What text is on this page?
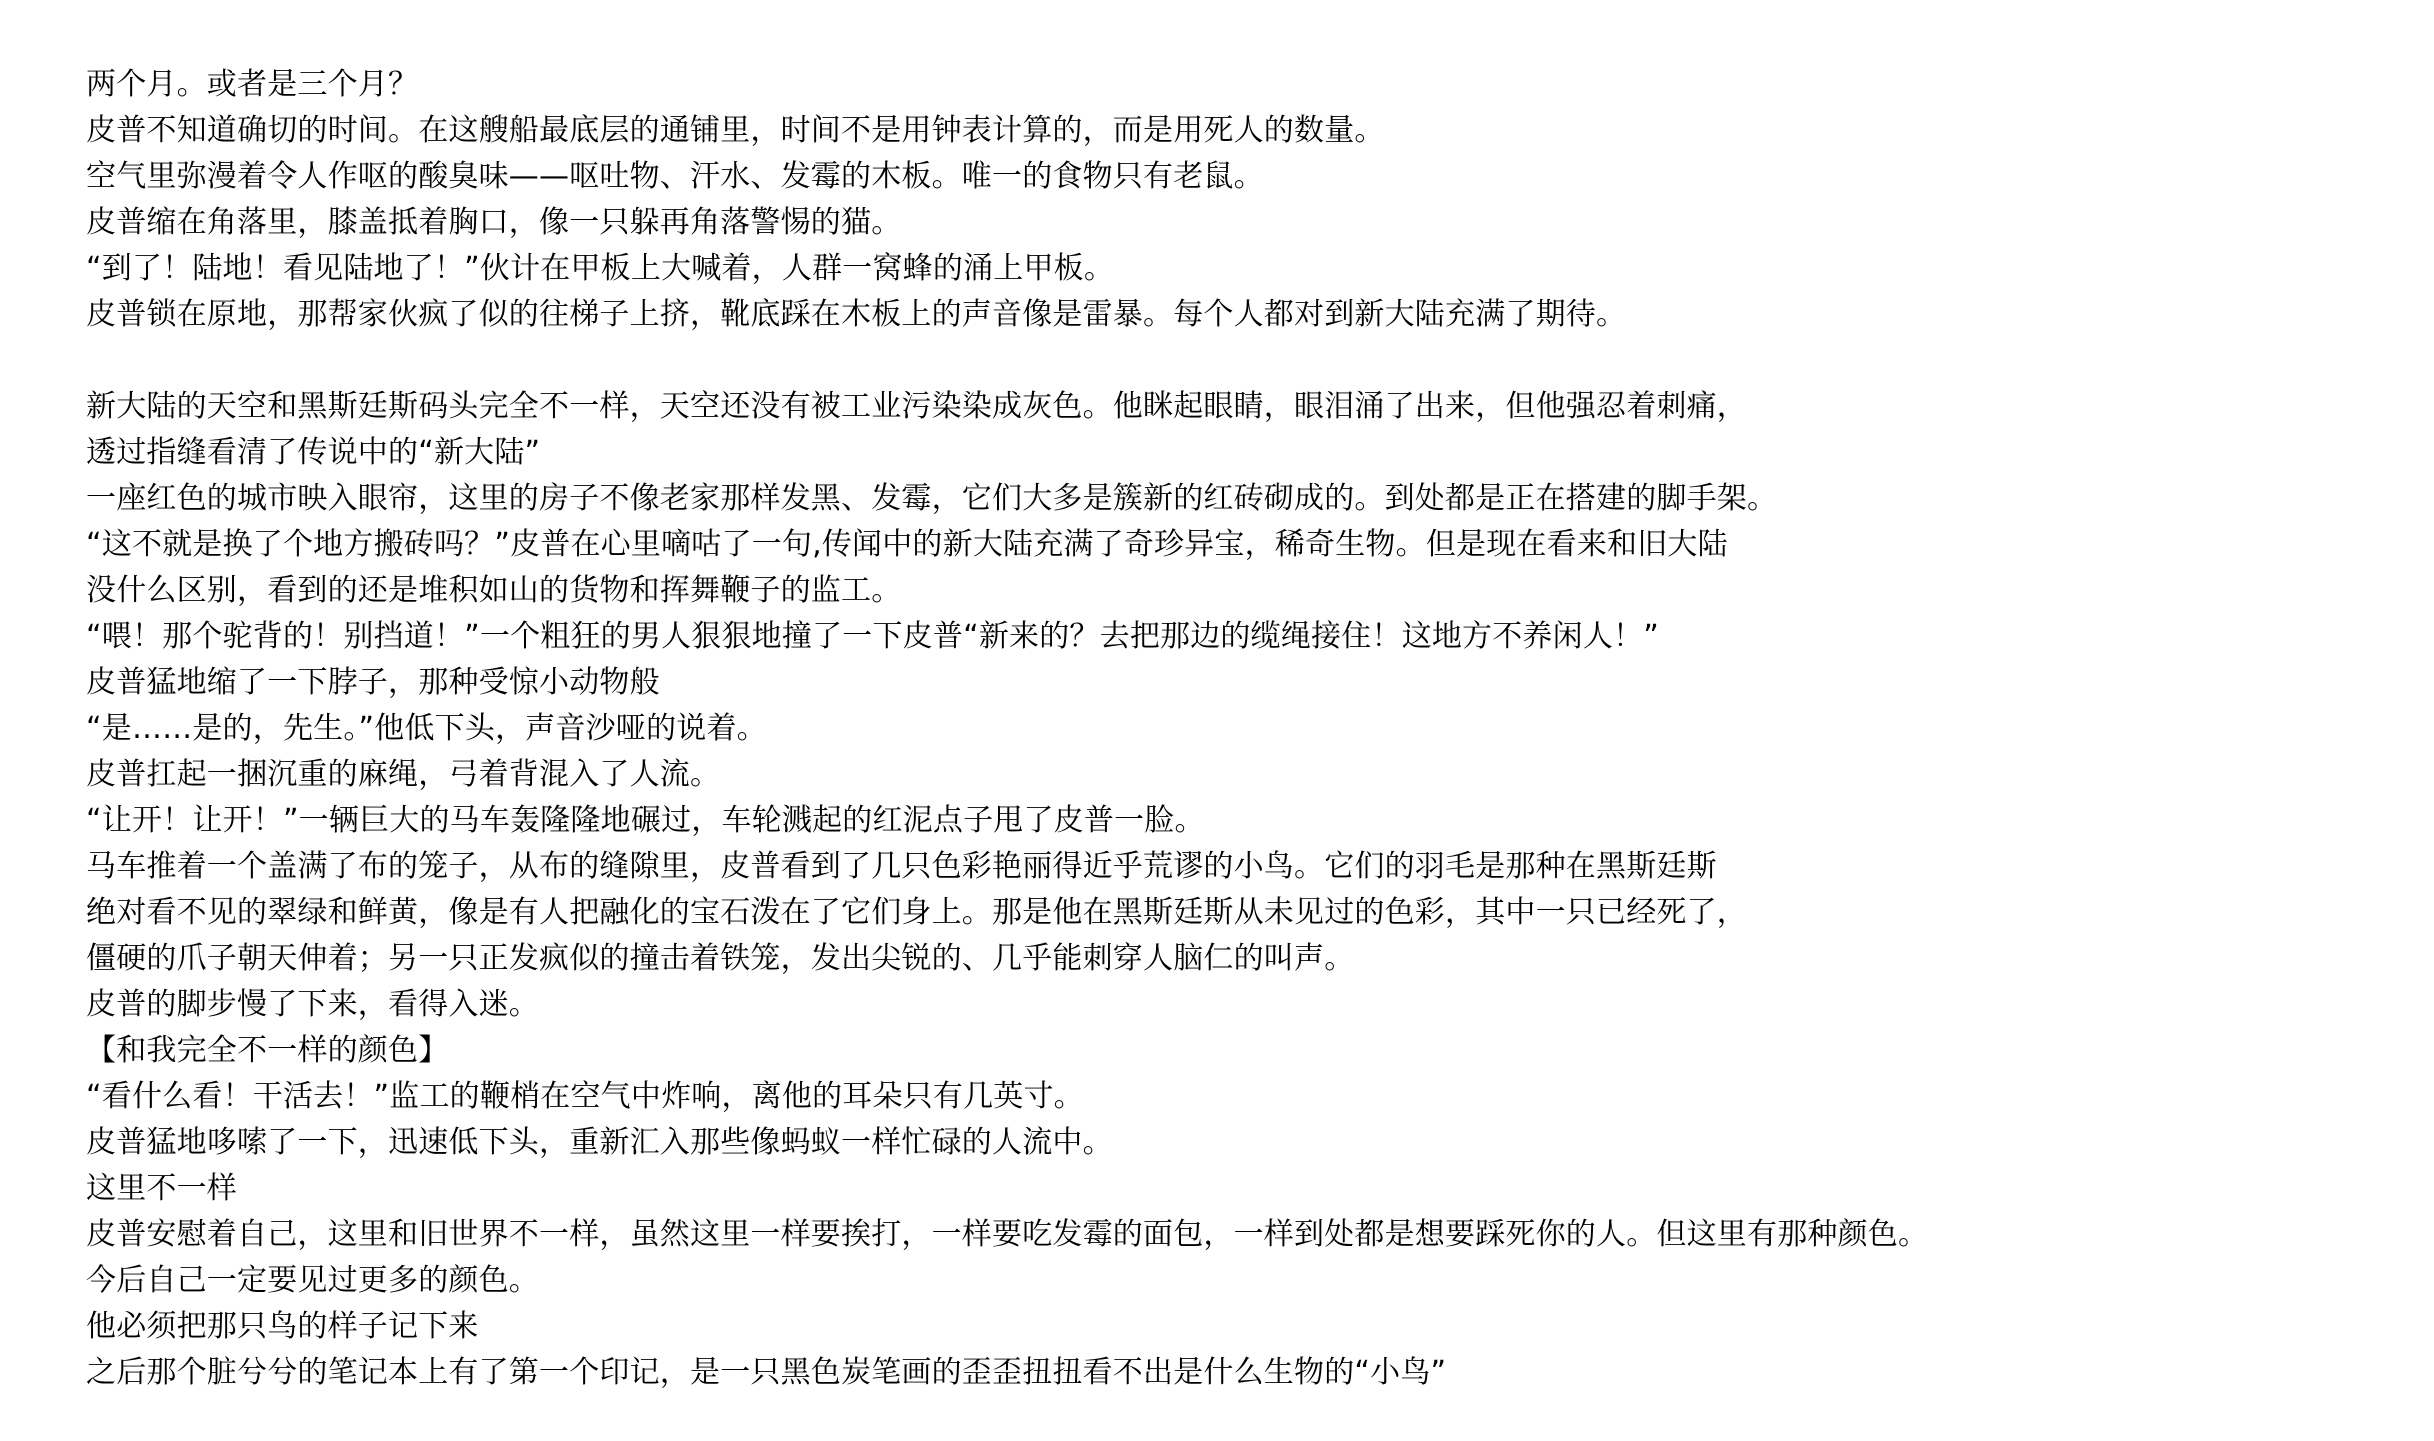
两个月。或者是三个月？
皮普不知道确切的时间。在这艘船最底层的通铺里，时间不是用钟表计算的，而是用死人的数量。
空气里弥漫着令人作呕的酸臭味——呕吐物、汗水、发霉的木板。唯一的食物只有老鼠。
皮普缩在角落里，膝盖抵着胸口，像一只躲再角落警惕的猫。
“到了！陆地！看见陆地了！”伙计在甲板上大喊着，人群一窝蜂的涌上甲板。
皮普锁在原地，那帮家伙疯了似的往梯子上挤，靴底踩在木板上的声音像是雷暴。每个人都对到新大陆充满了期待。
新大陆的天空和黑斯廷斯码头完全不一样，天空还没有被工业污染染成灰色。他眯起眼睛，眼泪涌了出来，但他强忍着刺痛，
透过指缝看清了传说中的“新大陆”
一座红色的城市映入眼帘，这里的房子不像老家那样发黑、发霉，它们大多是簇新的红砖砌成的。到处都是正在搭建的脚手架。
“这不就是换了个地方搬砖吗？”皮普在心里嘀咕了一句,传闻中的新大陆充满了奇珍异宝，稀奇生物。但是现在看来和旧大陆
没什么区别，看到的还是堆积如山的货物和挥舞鞭子的监工。
“喂！那个驼背的！别挡道！”一个粗狂的男人狠狠地撞了一下皮普“新来的？去把那边的缆绳接住！这地方不养闲人！”
皮普猛地缩了一下脖子，那种受惊小动物般
“是……是的，先生。”他低下头，声音沙哑的说着。
皮普扛起一捆沉重的麻绳，弓着背混入了人流。
“让开！让开！”一辆巨大的马车轰隆隆地碾过，车轮溅起的红泥点子甩了皮普一脸。
马车推着一个盖满了布的笼子，从布的缝隙里，皮普看到了几只色彩艳丽得近乎荒谬的小鸟。它们的羽毛是那种在黑斯廷斯
绝对看不见的翠绿和鲜黄，像是有人把融化的宝石泼在了它们身上。那是他在黑斯廷斯从未见过的色彩，其中一只已经死了，
僵硬的爪子朝天伸着；另一只正发疯似的撞击着铁笼，发出尖锐的、几乎能刺穿人脑仁的叫声。
皮普的脚步慢了下来，看得入迷。
【和我完全不一样的颜色】
“看什么看！干活去！”监工的鞭梢在空气中炸响，离他的耳朵只有几英寸。
皮普猛地哆嗦了一下，迅速低下头，重新汇入那些像蚂蚁一样忙碌的人流中。
这里不一样
皮普安慰着自己，这里和旧世界不一样，虽然这里一样要挨打，一样要吃发霉的面包，一样到处都是想要踩死你的人。但这里有那种颜色。
今后自己一定要见过更多的颜色。
他必须把那只鸟的样子记下来
之后那个脏兮兮的笔记本上有了第一个印记，是一只黑色炭笔画的歪歪扭扭看不出是什么生物的“小鸟”
